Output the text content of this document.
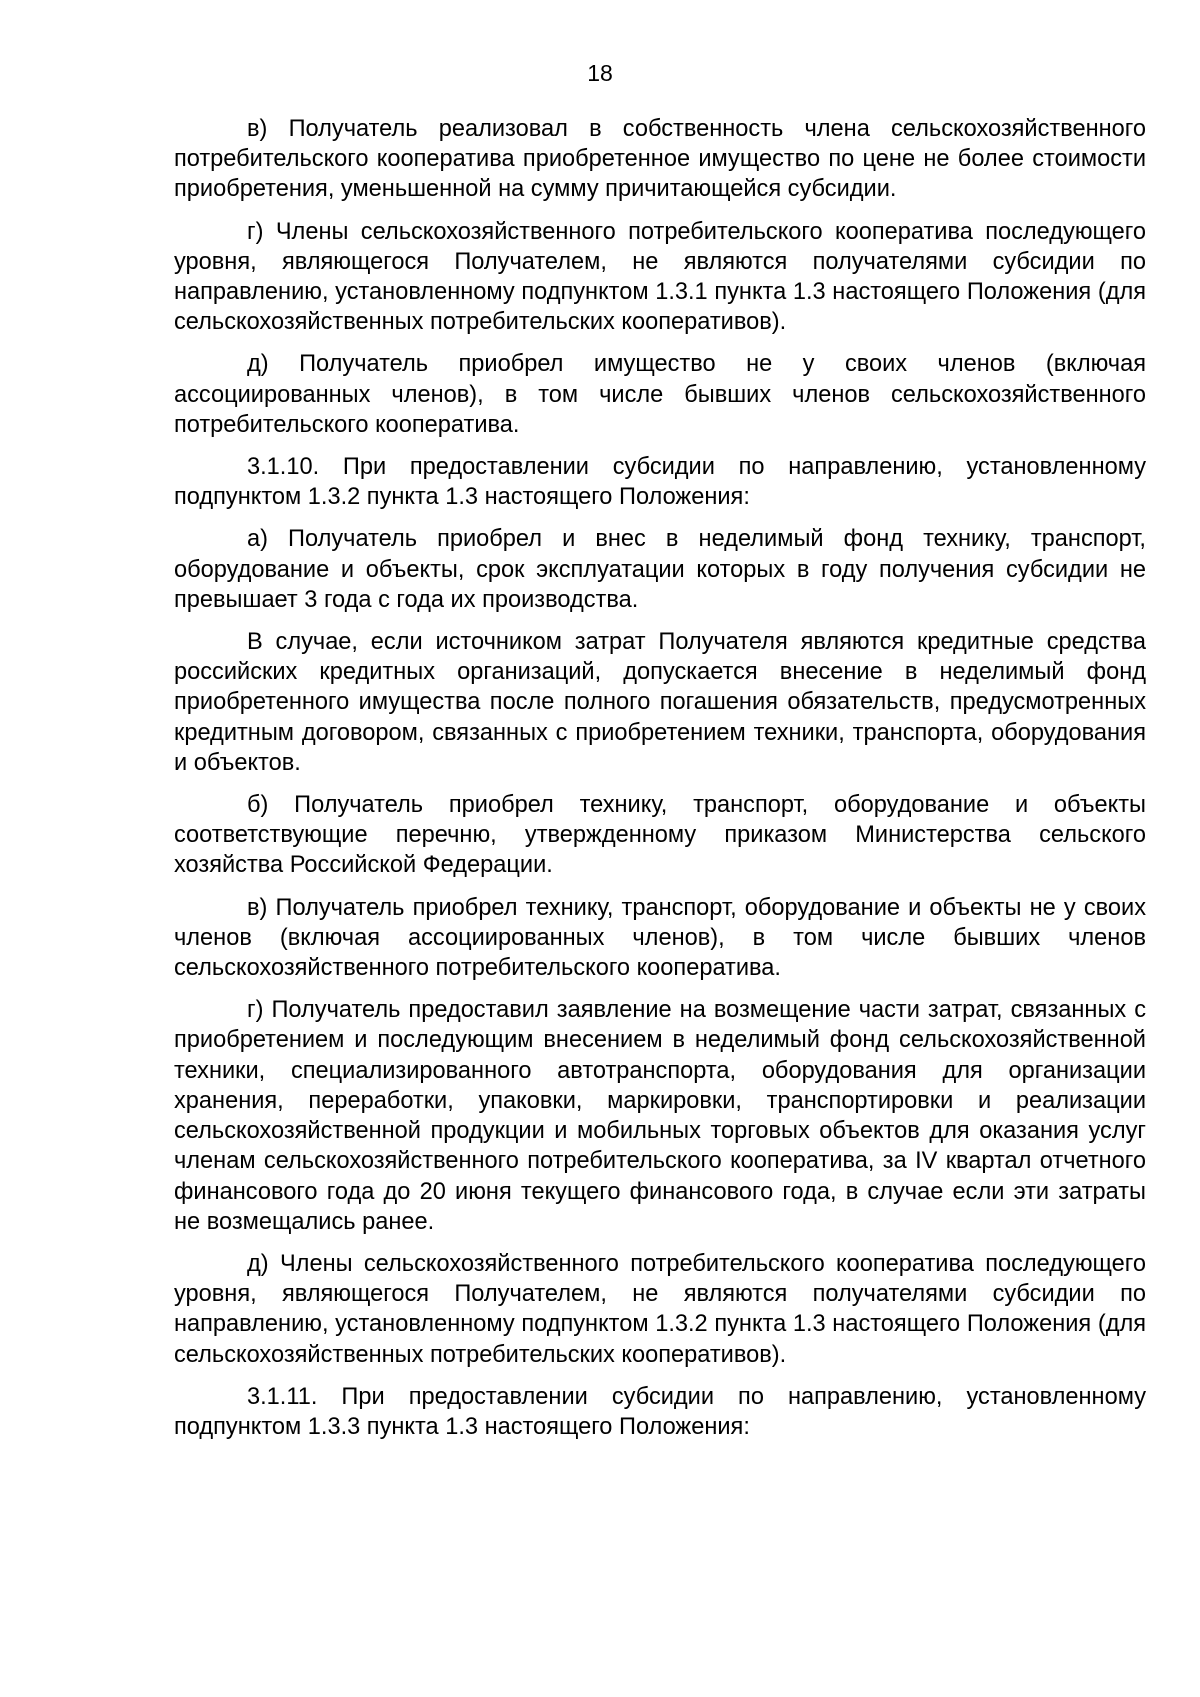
18

в) Получатель реализовал в собственность члена сельскохозяйственного потребительского кооператива приобретенное имущество по цене не более стоимости приобретения, уменьшенной на сумму причитающейся субсидии.

г) Члены сельскохозяйственного потребительского кооператива последующего уровня, являющегося Получателем, не являются получателями субсидии по направлению, установленному подпунктом 1.3.1 пункта 1.3 настоящего Положения (для сельскохозяйственных потребительских кооперативов).

д) Получатель приобрел имущество не у своих членов (включая ассоциированных членов), в том числе бывших членов сельскохозяйственного потребительского кооператива.

3.1.10. При предоставлении субсидии по направлению, установленному подпунктом 1.3.2 пункта 1.3 настоящего Положения:

а) Получатель приобрел и внес в неделимый фонд технику, транспорт, оборудование и объекты, срок эксплуатации которых в году получения субсидии не превышает 3 года с года их производства.

В случае, если источником затрат Получателя являются кредитные средства российских кредитных организаций, допускается внесение в неделимый фонд приобретенного имущества после полного погашения обязательств, предусмотренных кредитным договором, связанных с приобретением техники, транспорта, оборудования и объектов.

б) Получатель приобрел технику, транспорт, оборудование и объекты соответствующие перечню, утвержденному приказом Министерства сельского хозяйства Российской Федерации.

в) Получатель приобрел технику, транспорт, оборудование и объекты не у своих членов (включая ассоциированных членов), в том числе бывших членов сельскохозяйственного потребительского кооператива.

г) Получатель предоставил заявление на возмещение части затрат, связанных с приобретением и последующим внесением в неделимый фонд сельскохозяйственной техники, специализированного автотранспорта, оборудования для организации хранения, переработки, упаковки, маркировки, транспортировки и реализации сельскохозяйственной продукции и мобильных торговых объектов для оказания услуг членам сельскохозяйственного потребительского кооператива, за IV квартал отчетного финансового года до 20 июня текущего финансового года, в случае если эти затраты не возмещались ранее.

д) Члены сельскохозяйственного потребительского кооператива последующего уровня, являющегося Получателем, не являются получателями субсидии по направлению, установленному подпунктом 1.3.2 пункта 1.3 настоящего Положения (для сельскохозяйственных потребительских кооперативов).

3.1.11. При предоставлении субсидии по направлению, установленному подпунктом 1.3.3 пункта 1.3 настоящего Положения:
